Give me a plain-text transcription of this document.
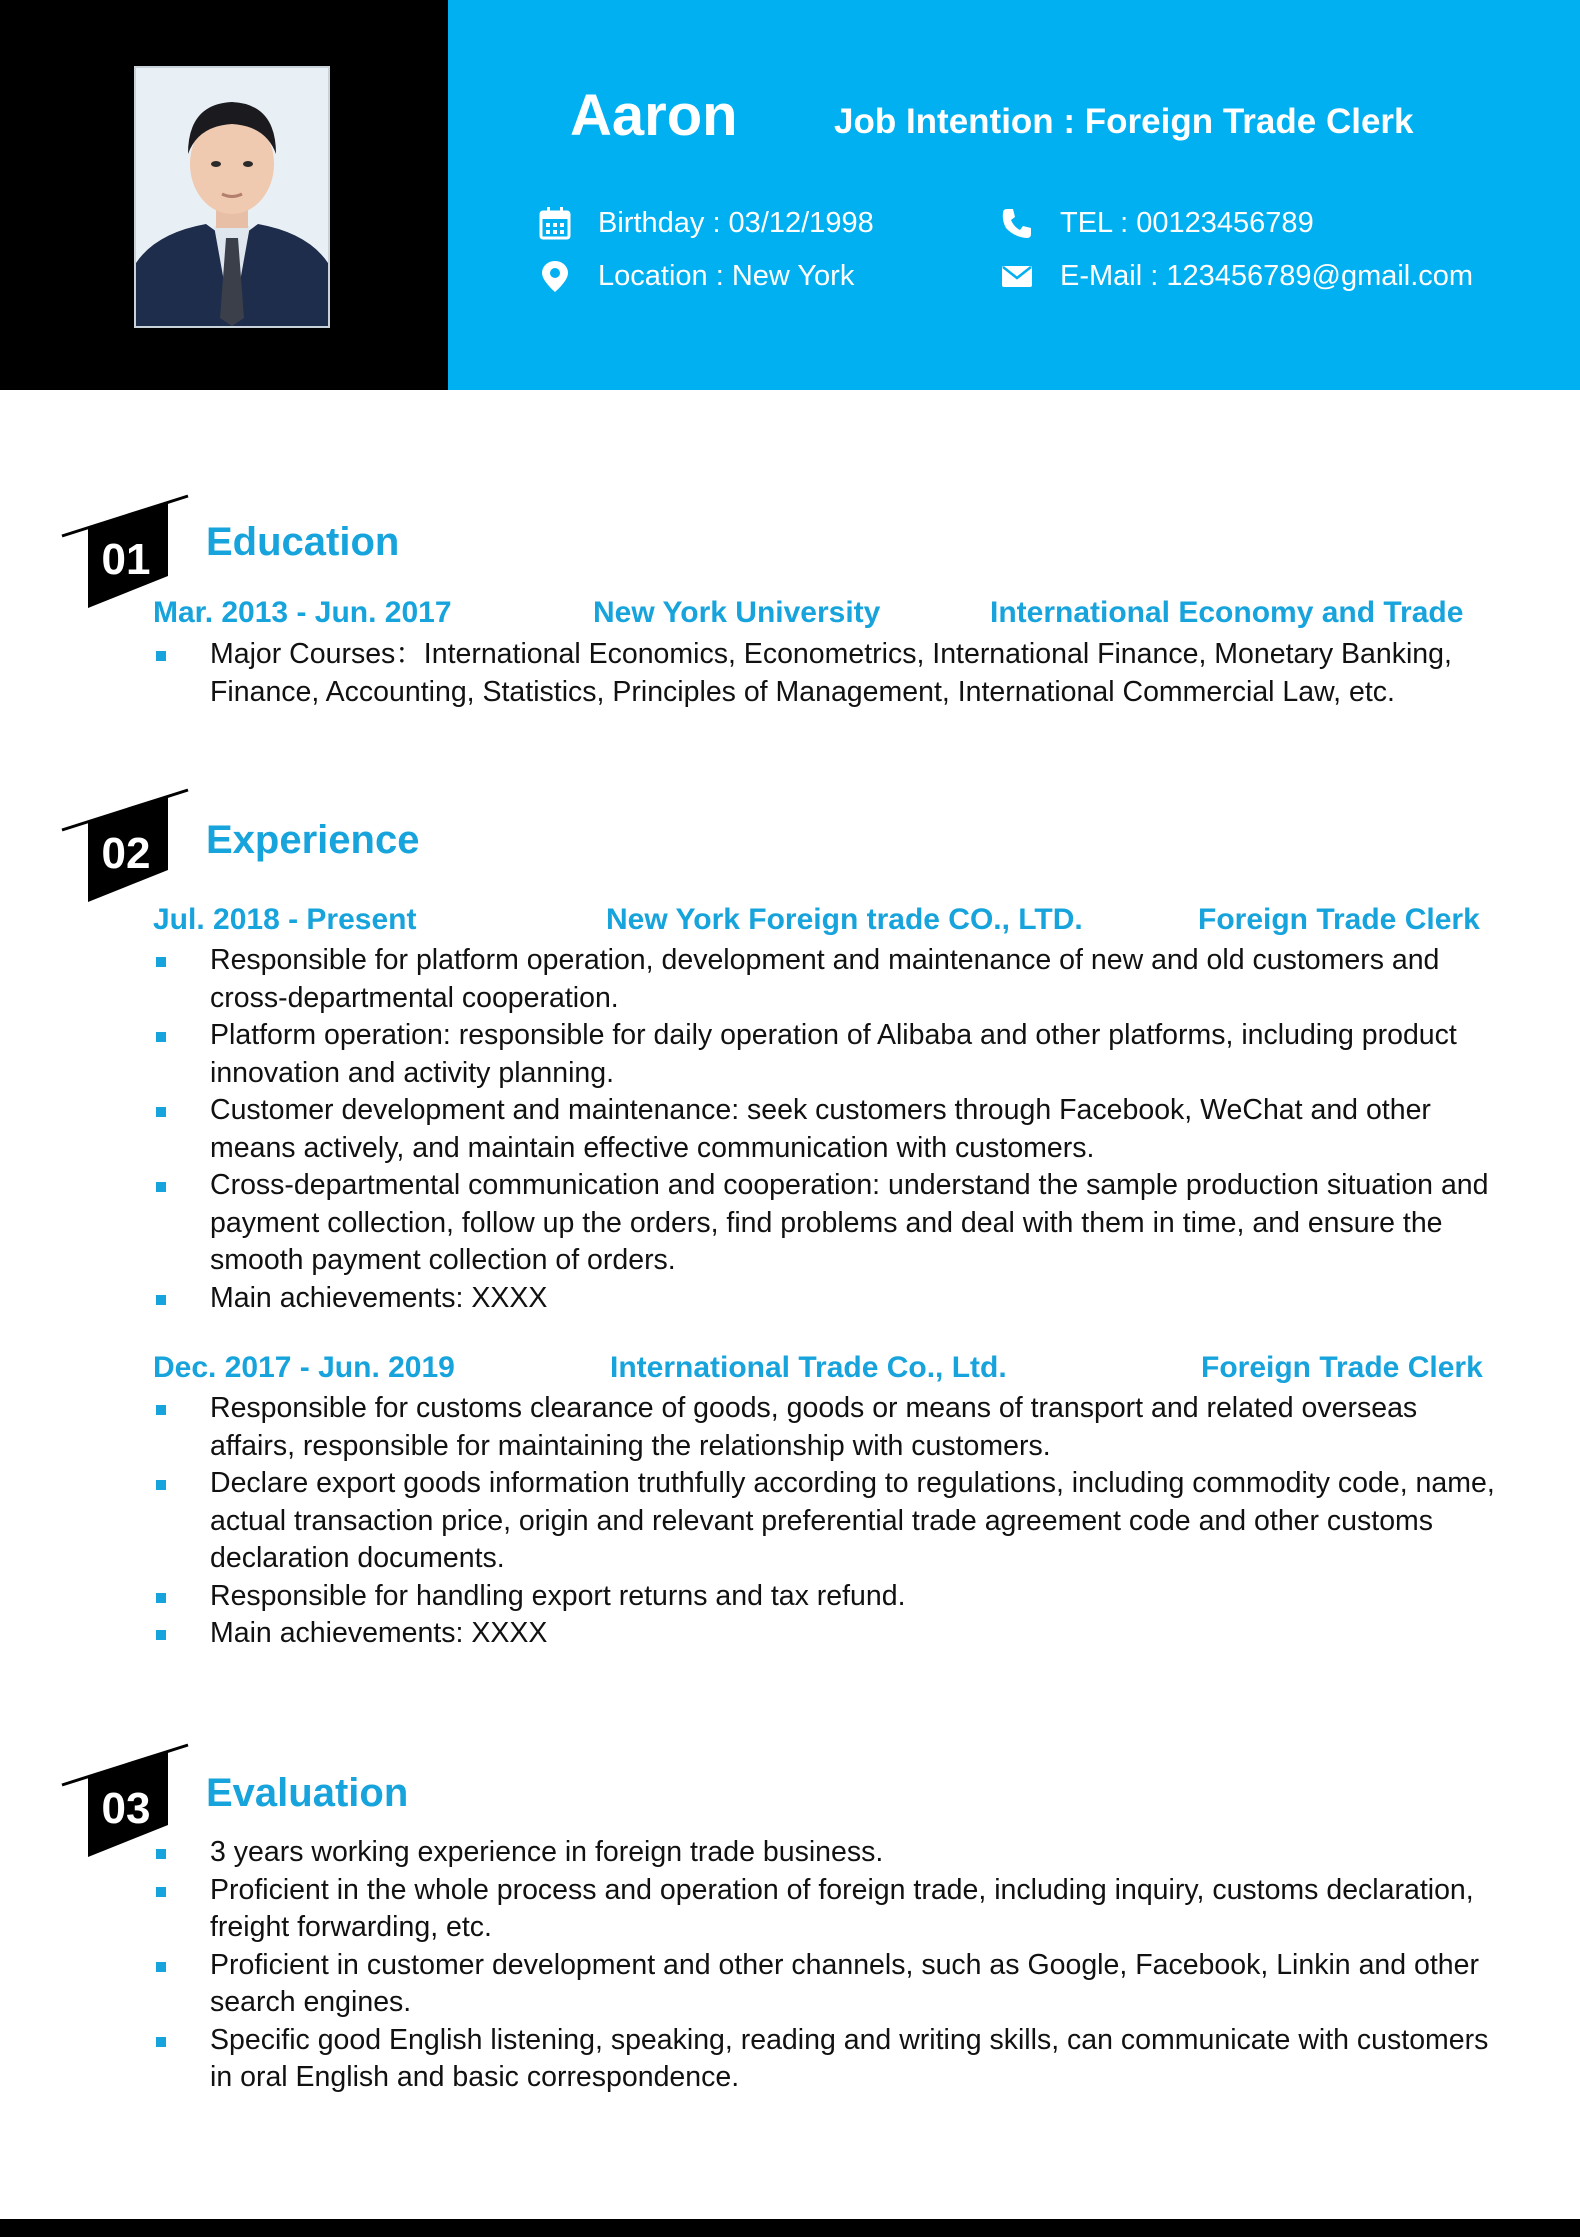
Aaron	Job Intention : Foreign Trade Clerk
Birthday : 03/12/1998
Location : New York
TEL : 00123456789
E-Mail : 123456789@gmail.com
01 Education
Mar. 2013 - Jun. 2017	New York University	International Economy and Trade
Major Courses：International Economics, Econometrics, International Finance, Monetary Banking, Finance, Accounting, Statistics, Principles of Management, International Commercial Law, etc.
02 Experience
Jul. 2018 - Present	New York Foreign trade CO., LTD.	Foreign Trade Clerk
Responsible for platform operation, development and maintenance of new and old customers and cross-departmental cooperation.
Platform operation: responsible for daily operation of Alibaba and other platforms, including product innovation and activity planning.
Customer development and maintenance: seek customers through Facebook, WeChat and other means actively, and maintain effective communication with customers.
Cross-departmental communication and cooperation: understand the sample production situation and payment collection, follow up the orders, find problems and deal with them in time, and ensure the smooth payment collection of orders.
Main achievements: XXXX
Dec. 2017 - Jun. 2019	International Trade Co., Ltd.	Foreign Trade Clerk
Responsible for customs clearance of goods, goods or means of transport and related overseas affairs, responsible for maintaining the relationship with customers.
Declare export goods information truthfully according to regulations, including commodity code, name, actual transaction price, origin and relevant preferential trade agreement code and other customs declaration documents.
Responsible for handling export returns and tax refund.
Main achievements: XXXX
03 Evaluation
3 years working experience in foreign trade business.
Proficient in the whole process and operation of foreign trade, including inquiry, customs declaration, freight forwarding, etc.
Proficient in customer development and other channels, such as Google, Facebook, Linkin and other search engines.
Specific good English listening, speaking, reading and writing skills, can communicate with customers in oral English and basic correspondence.
